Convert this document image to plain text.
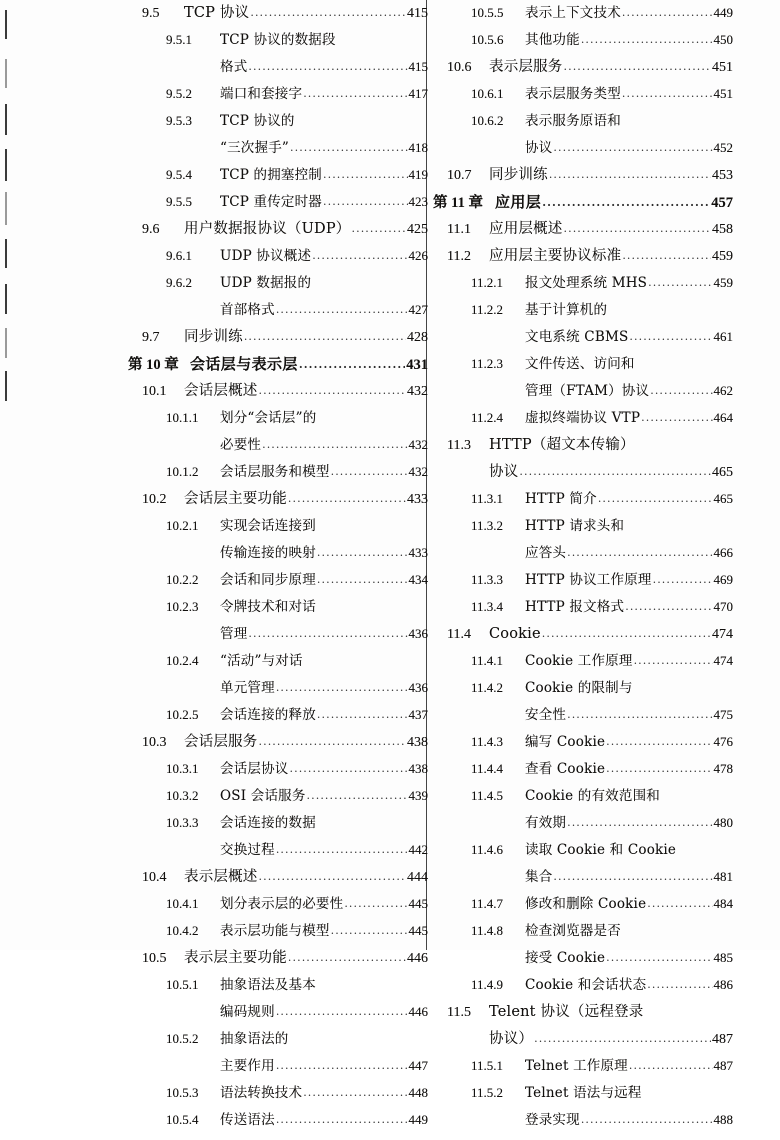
9.5	TCP 协议 .....	415
9.5.1	TCP 协议的数据段
格式 .....	415
9.5.2	端口和套接字 .....	417
9.5.3	TCP 协议的
“三次握手” .....	418
9.5.4	TCP 的拥塞控制 .....	419
9.5.5	TCP 重传定时器 .....	423
9.6	用户数据报协议（UDP） .....	425
9.6.1	UDP 协议概述 .....	426
9.6.2	UDP 数据报的
首部格式 .....	427
9.7	同步训练 .....	428
第 10 章 会话层与表示层 .....	431
10.1	会话层概述 .....	432
10.1.1	划分“会话层”的
必要性 .....	432
10.1.2	会话层服务和模型 .....	432
10.2	会话层主要功能 .....	433
10.2.1	实现会话连接到
传输连接的映射 .....	433
10.2.2	会话和同步原理 .....	434
10.2.3	令牌技术和对话
管理 .....	436
10.2.4	“活动”与对话
单元管理 .....	436
10.2.5	会话连接的释放 .....	437
10.3	会话层服务 .....	438
10.3.1	会话层协议 .....	438
10.3.2	OSI 会话服务 .....	439
10.3.3	会话连接的数据
交换过程 .....	442
10.4	表示层概述 .....	444
10.4.1	划分表示层的必要性 .....	445
10.4.2	表示层功能与模型 .....	445
10.5	表示层主要功能 .....	446
10.5.1	抽象语法及基本
编码规则 .....	446
10.5.2	抽象语法的
主要作用 .....	447
10.5.3	语法转换技术 .....	448
10.5.4	传送语法 .....	449
10.5.5	表示上下文技术 .....	449
10.5.6	其他功能 .....	450
10.6	表示层服务 .....	451
10.6.1	表示层服务类型 .....	451
10.6.2	表示服务原语和
协议 .....	452
10.7	同步训练 .....	453
第 11 章 应用层 .....	457
11.1	应用层概述 .....	458
11.2	应用层主要协议标准 .....	459
11.2.1	报文处理系统 MHS .....	459
11.2.2	基于计算机的
文电系统 CBMS .....	461
11.2.3	文件传送、访问和
管理（FTAM）协议 .....	462
11.2.4	虚拟终端协议 VTP .....	464
11.3	HTTP（超文本传输）
协议 .....	465
11.3.1	HTTP 简介 .....	465
11.3.2	HTTP 请求头和
应答头 .....	466
11.3.3	HTTP 协议工作原理 .....	469
11.3.4	HTTP 报文格式 .....	470
11.4	Cookie .....	474
11.4.1	Cookie 工作原理 .....	474
11.4.2	Cookie 的限制与
安全性 .....	475
11.4.3	编写 Cookie .....	476
11.4.4	查看 Cookie .....	478
11.4.5	Cookie 的有效范围和
有效期 .....	480
11.4.6	读取 Cookie 和 Cookie
集合 .....	481
11.4.7	修改和删除 Cookie .....	484
11.4.8	检查浏览器是否
接受 Cookie .....	485
11.4.9	Cookie 和会话状态 .....	486
11.5	Telent 协议（远程登录
协议） .....	487
11.5.1	Telnet 工作原理 .....	487
11.5.2	Telnet 语法与远程
登录实现 .....	488
